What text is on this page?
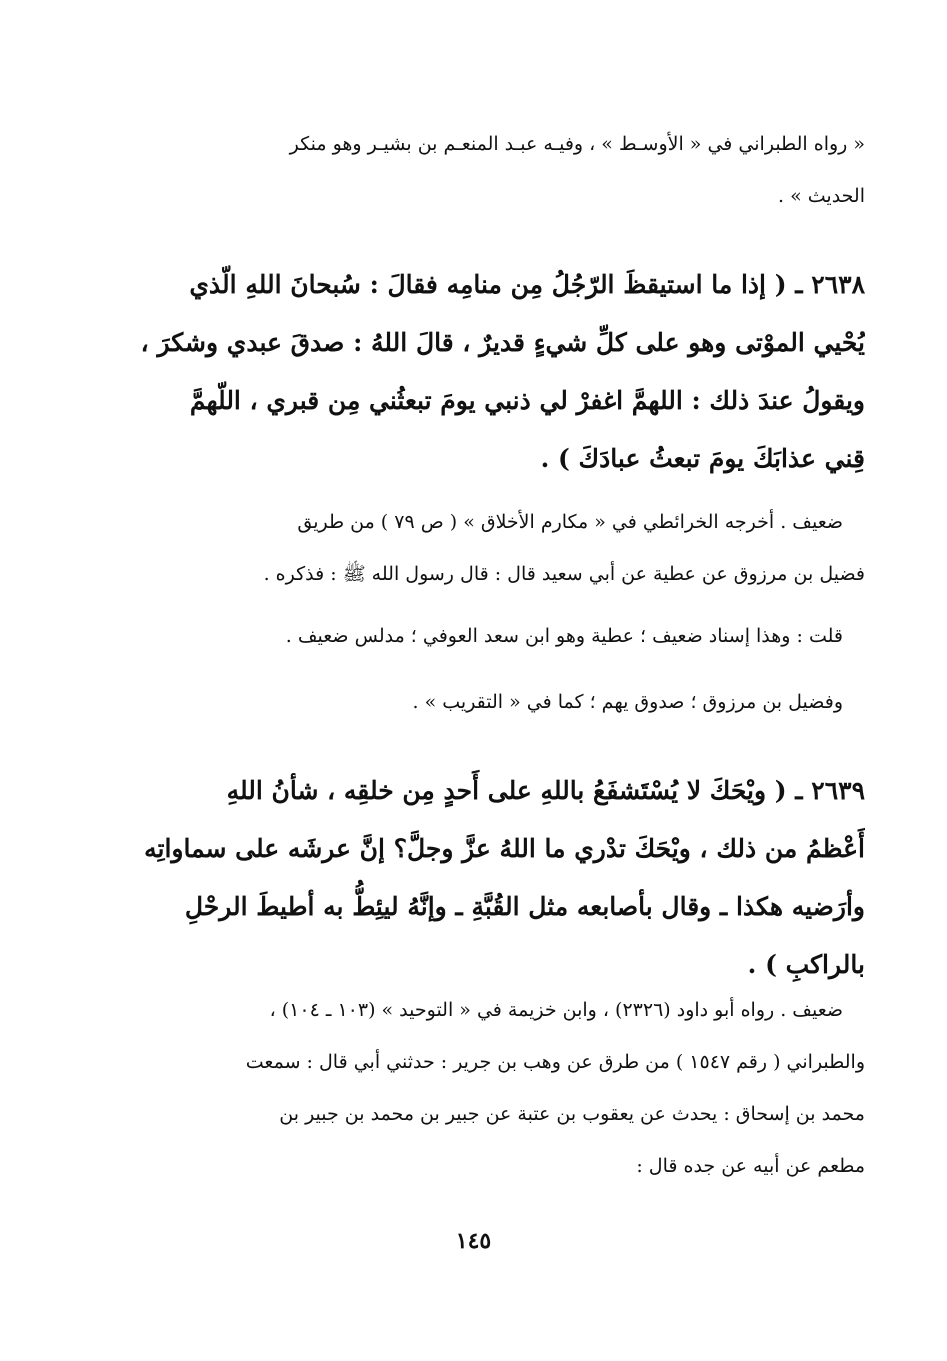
« رواه الطبراني في « الأوسـط » ، وفيـه عبـد المنعـم بن بشيـر وهو منكر
الحديث » .
٢٦٣٨ ـ ( إذا ما استيقظَ الرّجُلُ مِن منامِه فقالَ : سُبحانَ اللهِ الّذي
يُحْيي الموْتى وهو على كلِّ شيءٍ قديرٌ ، قالَ اللهُ : صدقَ عبدي وشكرَ ،
ويقولُ عندَ ذلك : اللهمَّ اغفرْ لي ذنبي يومَ تبعثُني مِن قبري ، اللّهمَّ
قِني عذابَكَ يومَ تبعثُ عبادَكَ ) .
ضعيف . أخرجه الخرائطي في « مكارم الأخلاق » ( ص ٧٩ ) من طريق
فضيل بن مرزوق عن عطية عن أبي سعيد قال : قال رسول الله ﷺ : فذكره .
قلت : وهذا إسناد ضعيف ؛ عطية وهو ابن سعد العوفي ؛ مدلس ضعيف .
وفضيل بن مرزوق ؛ صدوق يهم ؛ كما في « التقريب » .
٢٦٣٩ ـ ( ويْحَكَ لا يُسْتَشفَعُ باللهِ على أَحدٍ مِن خلقِه ، شأنُ اللهِ
أَعْظمُ من ذلك ، ويْحَكَ تدْري ما اللهُ عزَّ وجلَّ؟ إنَّ عرشَه على سماواتِه
وأرَضيه هكذا ـ وقال بأصابعه مثل القُبَّةِ ـ وإنَّهُ ليئِطُّ به أطيطَ الرحْلِ
بالراكبِ ) .
ضعيف . رواه أبو داود (٢٣٢٦) ، وابن خزيمة في « التوحيد » (١٠٣ ـ ١٠٤) ،
والطبراني ( رقم ١٥٤٧ ) من طرق عن وهب بن جرير : حدثني أبي قال : سمعت
محمد بن إسحاق : يحدث عن يعقوب بن عتبة عن جبير بن محمد بن جبير بن
مطعم عن أبيه عن جده قال :
١٤٥
